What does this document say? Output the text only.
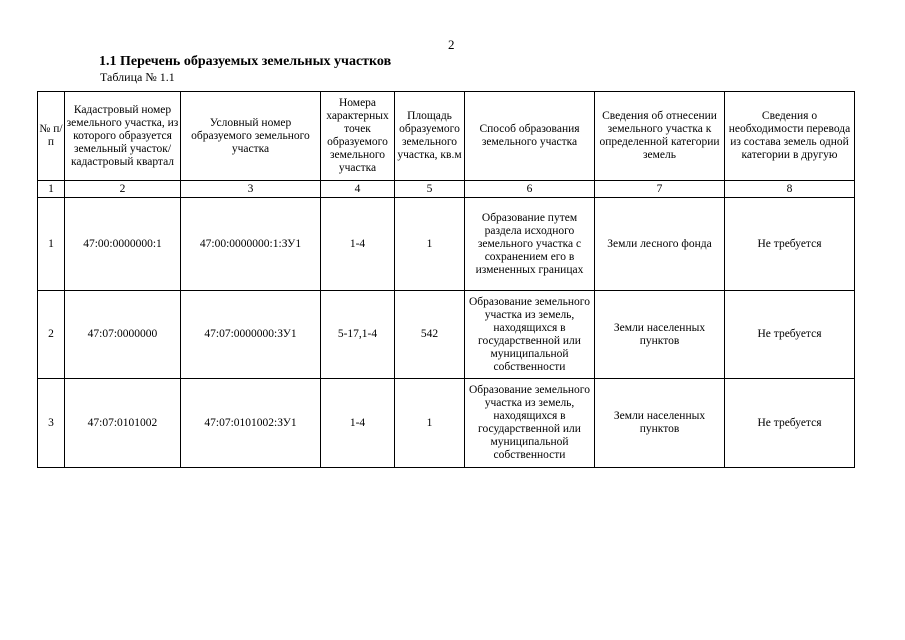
2
1.1 Перечень образуемых земельных участков
Таблица № 1.1
№ п/п	Кадастровый номер земельного участка, из которого образуется земельный участок/ кадастровый квартал	Условный номер образуемого земельного участка	Номера характерных точек образуемого земельного участка	Площадь образуемого земельного участка, кв.м	Способ образования земельного участка	Сведения об отнесении земельного участка к определенной категории земель	Сведения о необходимости перевода из состава земель одной категории в другую
1	2	3	4	5	6	7	8
1	47:00:0000000:1	47:00:0000000:1:ЗУ1	1-4	1	Образование путем раздела исходного земельного участка с сохранением его в измененных границах	Земли лесного фонда	Не требуется
2	47:07:0000000	47:07:0000000:ЗУ1	5-17,1-4	542	Образование земельного участка из земель, находящихся в государственной или муниципальной собственности	Земли населенных пунктов	Не требуется
3	47:07:0101002	47:07:0101002:ЗУ1	1-4	1	Образование земельного участка из земель, находящихся в государственной или муниципальной собственности	Земли населенных пунктов	Не требуется
